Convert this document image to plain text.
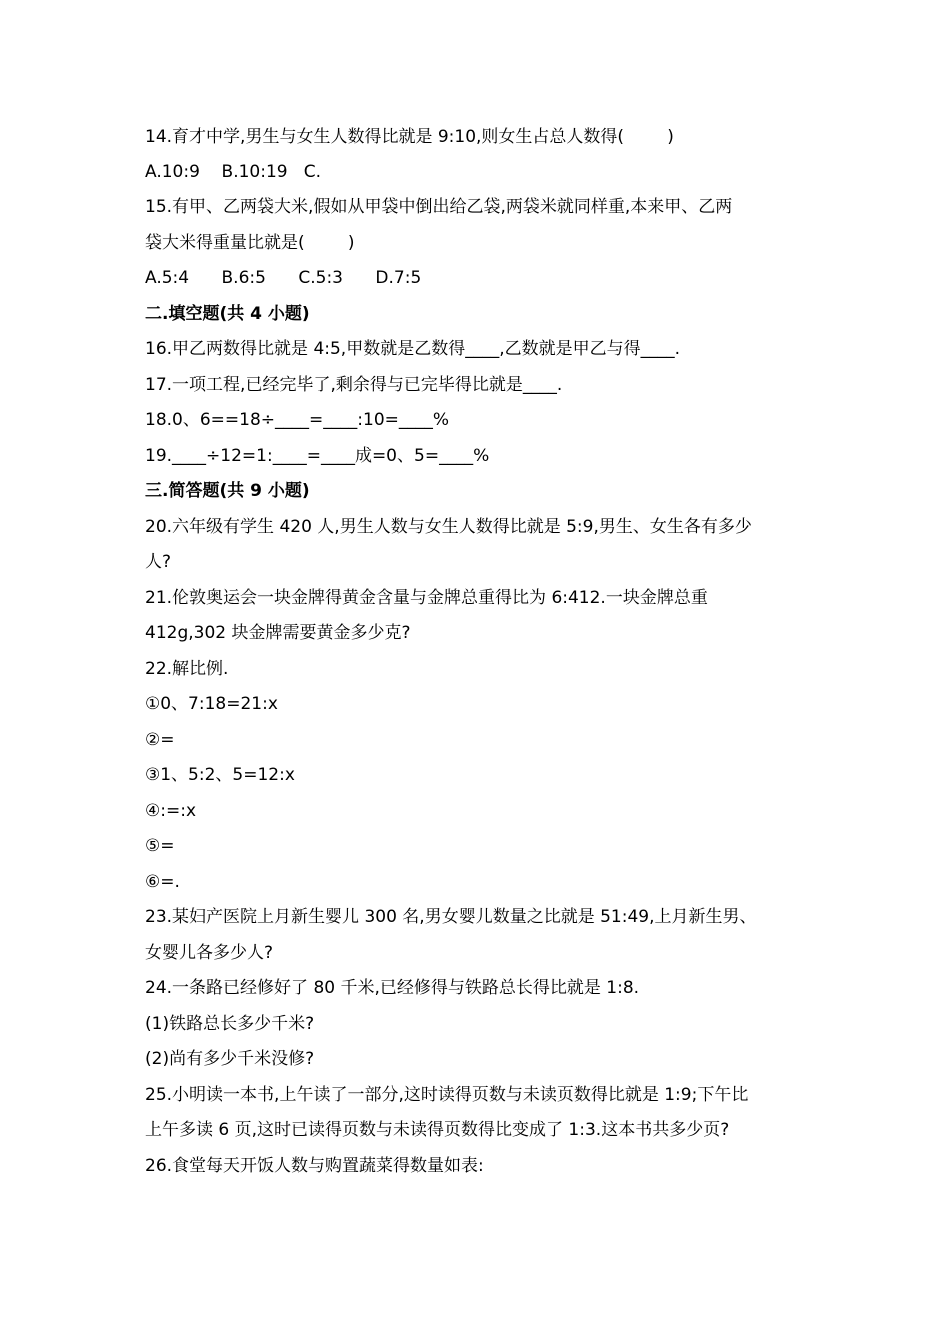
14.育才中学,男生与女生人数得比就是 9:10,则女生占总人数得(        )
A.10:9    B.10:19   C.
15.有甲、乙两袋大米,假如从甲袋中倒出给乙袋,两袋米就同样重,本来甲、乙两
袋大米得重量比就是(        )
A.5:4      B.6:5      C.5:3      D.7:5
二.填空题(共 4 小题)
16.甲乙两数得比就是 4:5,甲数就是乙数得____,乙数就是甲乙与得____.
17.一项工程,已经完毕了,剩余得与已完毕得比就是____.
18.0、6==18÷____=____:10=____%
19.____÷12=1:____=____成=0、5=____%
三.简答题(共 9 小题)
20.六年级有学生 420 人,男生人数与女生人数得比就是 5:9,男生、女生各有多少
人?
21.伦敦奥运会一块金牌得黄金含量与金牌总重得比为 6:412.一块金牌总重
412g,302 块金牌需要黄金多少克?
22.解比例.
①0、7:18=21:x
②=
③1、5:2、5=12:x
④:=:x
⑤=
⑥=.
23.某妇产医院上月新生婴儿 300 名,男女婴儿数量之比就是 51:49,上月新生男、
女婴儿各多少人?
24.一条路已经修好了 80 千米,已经修得与铁路总长得比就是 1:8.
(1)铁路总长多少千米?
(2)尚有多少千米没修?
25.小明读一本书,上午读了一部分,这时读得页数与未读页数得比就是 1:9;下午比
上午多读 6 页,这时已读得页数与未读得页数得比变成了 1:3.这本书共多少页?
26.食堂每天开饭人数与购置蔬菜得数量如表:
